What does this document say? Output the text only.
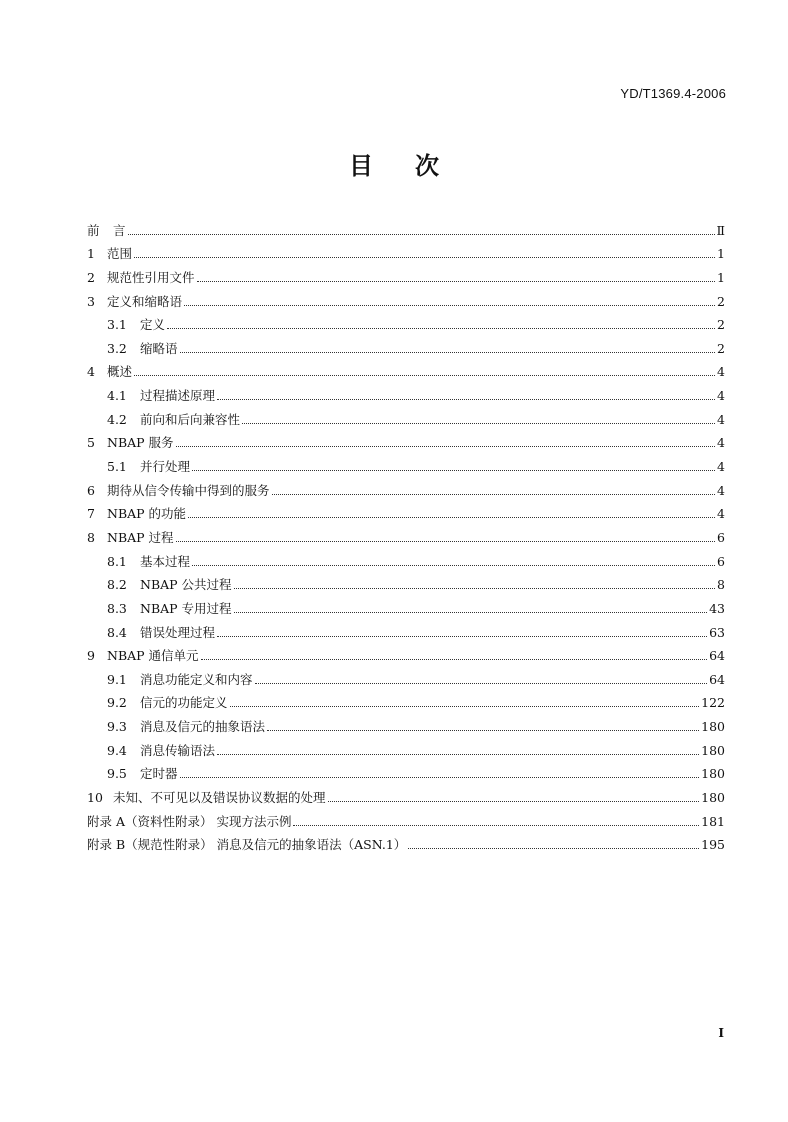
YD/T1369.4-2006
目 次
前	言	Ⅱ
1 范围	1
2 规范性引用文件	1
3 定义和缩略语	2
3.1	定义	2
3.2	缩略语	2
4 概述	4
4.1	过程描述原理	4
4.2	前向和后向兼容性	4
5 NBAP 服务	4
5.1	并行处理	4
6 期待从信令传输中得到的服务	4
7 NBAP 的功能	4
8 NBAP 过程	6
8.1	基本过程	6
8.2	NBAP 公共过程	8
8.3	NBAP 专用过程	43
8.4	错误处理过程	63
9 NBAP 通信单元	64
9.1	消息功能定义和内容	64
9.2	信元的功能定义	122
9.3	消息及信元的抽象语法	180
9.4	消息传输语法	180
9.5	定时器	180
10 未知、不可见以及错误协议数据的处理	180
附录 A（资料性附录） 实现方法示例	181
附录 B（规范性附录） 消息及信元的抽象语法（ASN.1）	195
I
